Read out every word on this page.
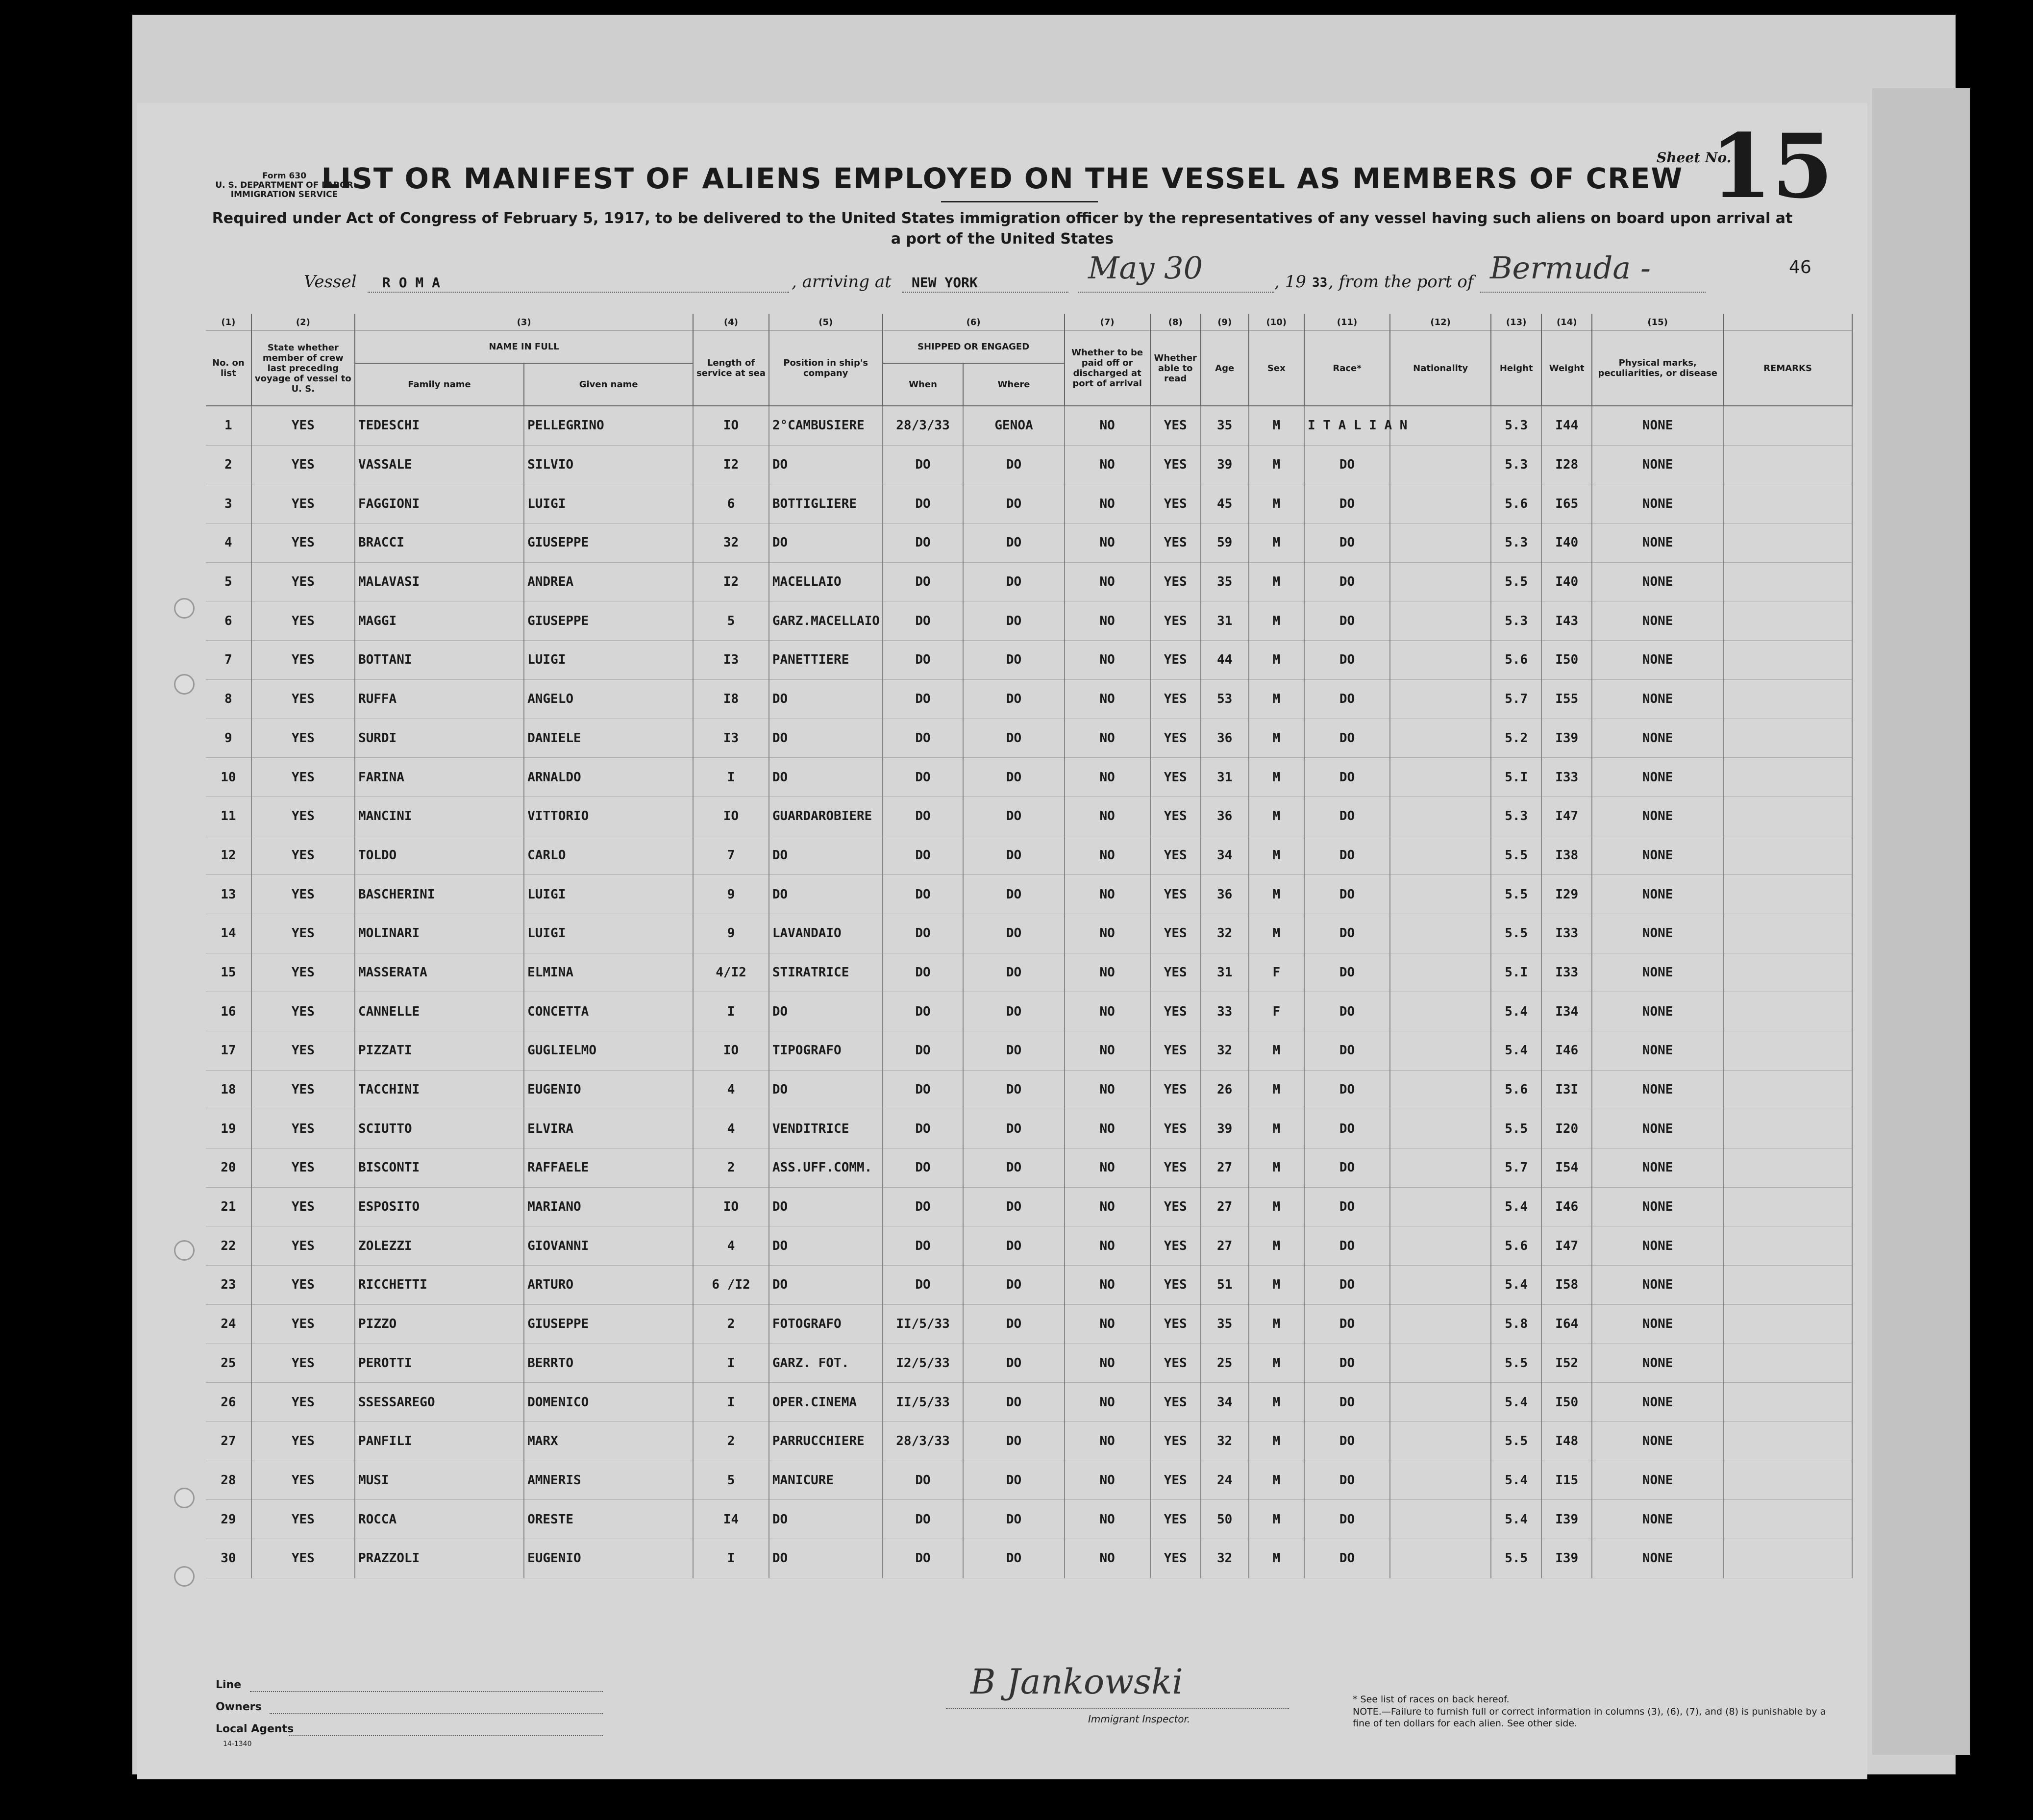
Form 630
U. S. DEPARTMENT OF LABOR
IMMIGRATION SERVICE
LIST OR MANIFEST OF ALIENS EMPLOYED ON THE VESSEL AS MEMBERS OF CREW
Required under Act of Congress of February 5, 1917, to be delivered to the United States immigration officer by the representatives of any vessel having such aliens on board upon arrival at a port of the United States
Sheet No.
15
Vessel R O M A	, arriving at NEW YORK	May 30	, 19 33 , from the port of Bermuda -	46
(1)	(2)	(3)		(4)	(5)	(6)		(7)	(8)	(9)	(10)	(11)	(12)	(13)	(14)	(15)	
No. on list	State whether member of crew last preceding voyage of vessel to U. S.	NAME IN FULL		Length of service at sea	Position in ship's company	SHIPPED OR ENGAGED		Whether to be paid off or discharged at port of arrival	Whether able to read	Age	Sex	Race*	Nationality	Height	Weight	Physical marks, peculiarities, or disease	REMARKS
		Family name	Given name			When	Where										
1	YES	TEDESCHI	PELLEGRINO	IO	2°CAMBUSIERE	28/3/33	GENOA	NO	YES	35	M	I T A L I A N		5.3	I44	NONE	
2	YES	VASSALE	SILVIO	I2	DO	DO	DO	NO	YES	39	M	DO		5.3	I28	NONE	
3	YES	FAGGIONI	LUIGI	6	BOTTIGLIERE	DO	DO	NO	YES	45	M	DO		5.6	I65	NONE	
4	YES	BRACCI	GIUSEPPE	32	DO	DO	DO	NO	YES	59	M	DO		5.3	I40	NONE	
5	YES	MALAVASI	ANDREA	I2	MACELLAIO	DO	DO	NO	YES	35	M	DO		5.5	I40	NONE	
6	YES	MAGGI	GIUSEPPE	5	GARZ.MACELLAIO	DO	DO	NO	YES	31	M	DO		5.3	I43	NONE	
7	YES	BOTTANI	LUIGI	I3	PANETTIERE	DO	DO	NO	YES	44	M	DO		5.6	I50	NONE	
8	YES	RUFFA	ANGELO	I8	DO	DO	DO	NO	YES	53	M	DO		5.7	I55	NONE	
9	YES	SURDI	DANIELE	I3	DO	DO	DO	NO	YES	36	M	DO		5.2	I39	NONE	
10	YES	FARINA	ARNALDO	I	DO	DO	DO	NO	YES	31	M	DO		5.I	I33	NONE	
11	YES	MANCINI	VITTORIO	IO	GUARDAROBIERE	DO	DO	NO	YES	36	M	DO		5.3	I47	NONE	
12	YES	TOLDO	CARLO	7	DO	DO	DO	NO	YES	34	M	DO		5.5	I38	NONE	
13	YES	BASCHERINI	LUIGI	9	DO	DO	DO	NO	YES	36	M	DO		5.5	I29	NONE	
14	YES	MOLINARI	LUIGI	9	LAVANDAIO	DO	DO	NO	YES	32	M	DO		5.5	I33	NONE	
15	YES	MASSERATA	ELMINA	4/I2	STIRATRICE	DO	DO	NO	YES	31	F	DO		5.I	I33	NONE	
16	YES	CANNELLE	CONCETTA	I	DO	DO	DO	NO	YES	33	F	DO		5.4	I34	NONE	
17	YES	PIZZATI	GUGLIELMO	IO	TIPOGRAFO	DO	DO	NO	YES	32	M	DO		5.4	I46	NONE	
18	YES	TACCHINI	EUGENIO	4	DO	DO	DO	NO	YES	26	M	DO		5.6	I3I	NONE	
19	YES	SCIUTTO	ELVIRA	4	VENDITRICE	DO	DO	NO	YES	39	M	DO		5.5	I20	NONE	
20	YES	BISCONTI	RAFFAELE	2	ASS.UFF.COMM.	DO	DO	NO	YES	27	M	DO		5.7	I54	NONE	
21	YES	ESPOSITO	MARIANO	IO	DO	DO	DO	NO	YES	27	M	DO		5.4	I46	NONE	
22	YES	ZOLEZZI	GIOVANNI	4	DO	DO	DO	NO	YES	27	M	DO		5.6	I47	NONE	
23	YES	RICCHETTI	ARTURO	6 /I2	DO	DO	DO	NO	YES	51	M	DO		5.4	I58	NONE	
24	YES	PIZZO	GIUSEPPE	2	FOTOGRAFO	II/5/33	DO	NO	YES	35	M	DO		5.8	I64	NONE	
25	YES	PEROTTI	BERRTO	I	GARZ. FOT.	I2/5/33	DO	NO	YES	25	M	DO		5.5	I52	NONE	
26	YES	SSESSAREGO	DOMENICO	I	OPER.CINEMA	II/5/33	DO	NO	YES	34	M	DO		5.4	I50	NONE	
27	YES	PANFILI	MARX	2	PARRUCCHIERE	28/3/33	DO	NO	YES	32	M	DO		5.5	I48	NONE	
28	YES	MUSI	AMNERIS	5	MANICURE	DO	DO	NO	YES	24	M	DO		5.4	I15	NONE	
29	YES	ROCCA	ORESTE	I4	DO	DO	DO	NO	YES	50	M	DO		5.4	I39	NONE	
30	YES	PRAZZOLI	EUGENIO	I	DO	DO	DO	NO	YES	32	M	DO		5.5	I39	NONE	
Line
Owners
Local Agents
14-1340
B Jankowski
Immigrant Inspector.
* See list of races on back hereof.
NOTE.—Failure to furnish full or correct information in columns (3), (6), (7), and (8) is punishable by a fine of ten dollars for each alien. See other side.
